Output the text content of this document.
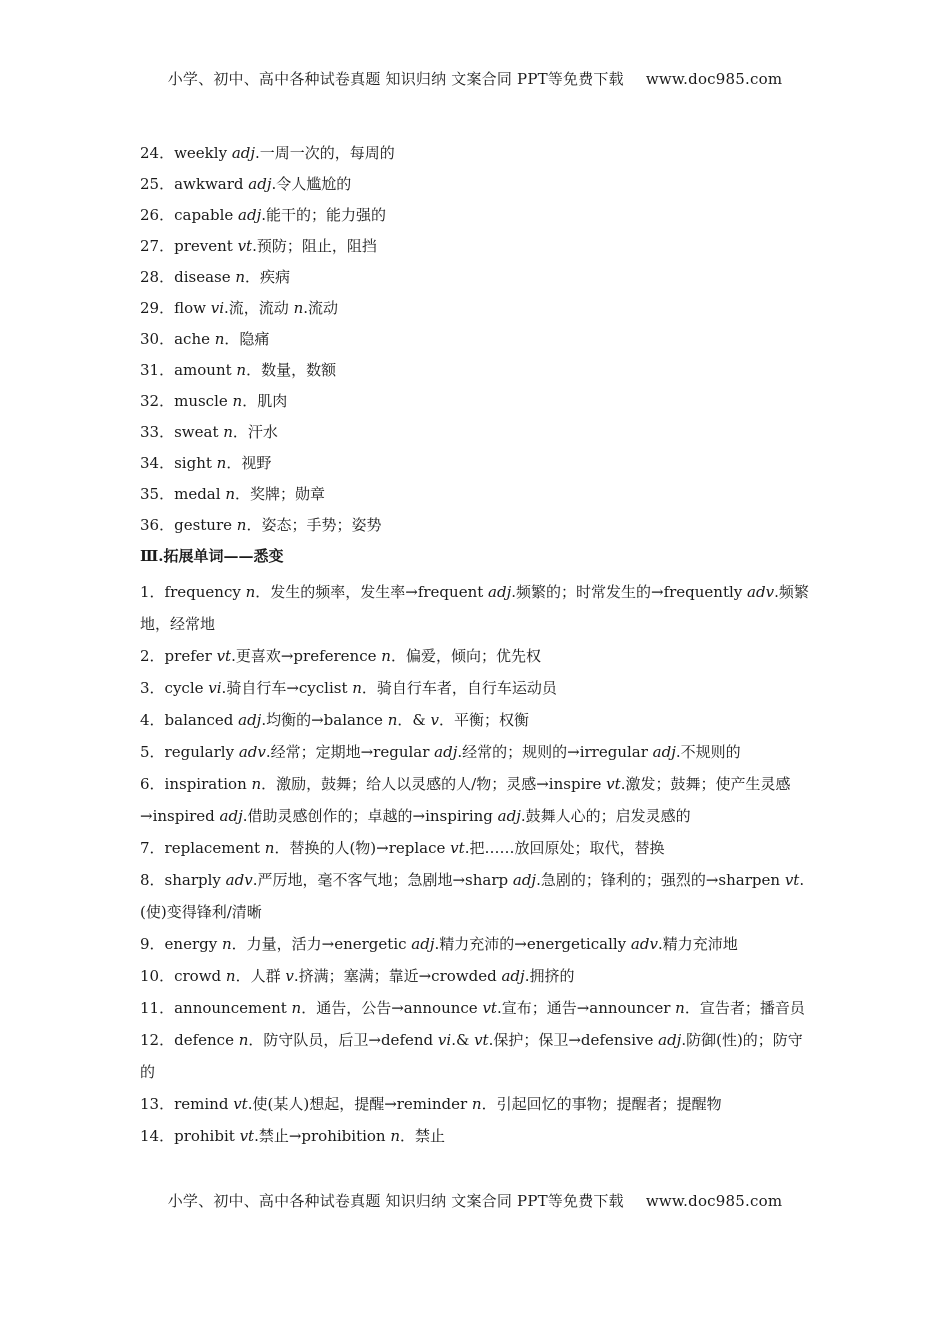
小学、初中、高中各种试卷真题 知识归纳 文案合同 PPT等免费下载 www.doc985.com
24．weekly adj.一周一次的，每周的
25．awkward adj.令人尴尬的
26．capable adj.能干的；能力强的
27．prevent vt.预防；阻止，阻挡
28．disease n．疾病
29．flow vi.流，流动 n.流动
30．ache n．隐痛
31．amount n．数量，数额
32．muscle n．肌肉
33．sweat n．汗水
34．sight n．视野
35．medal n．奖牌；勋章
36．gesture n．姿态；手势；姿势
Ⅲ.拓展单词——悉变
1．frequency n．发生的频率，发生率→frequent adj.频繁的；时常发生的→frequently adv.频繁地，经常地
2．prefer vt.更喜欢→preference n．偏爱，倾向；优先权
3．cycle vi.骑自行车→cyclist n．骑自行车者，自行车运动员
4．balanced adj.均衡的→balance n．& v．平衡；权衡
5．regularly adv.经常；定期地→regular adj.经常的；规则的→irregular adj.不规则的
6．inspiration n．激励，鼓舞；给人以灵感的人/物；灵感→inspire vt.激发；鼓舞；使产生灵感→inspired adj.借助灵感创作的；卓越的→inspiring adj.鼓舞人心的；启发灵感的
7．replacement n．替换的人(物)→replace vt.把……放回原处；取代，替换
8．sharply adv.严厉地，毫不客气地；急剧地→sharp adj.急剧的；锋利的；强烈的→sharpen vt.(使)变得锋利/清晰
9．energy n．力量，活力→energetic adj.精力充沛的→energetically adv.精力充沛地
10．crowd n．人群 v.挤满；塞满；靠近→crowded adj.拥挤的
11．announcement n．通告，公告→announce vt.宣布；通告→announcer n．宣告者；播音员
12．defence n．防守队员，后卫→defend vi.& vt.保护；保卫→defensive adj.防御(性)的；防守的
13．remind vt.使(某人)想起，提醒→reminder n．引起回忆的事物；提醒者；提醒物
14．prohibit vt.禁止→prohibition n．禁止
小学、初中、高中各种试卷真题 知识归纳 文案合同 PPT等免费下载 www.doc985.com
